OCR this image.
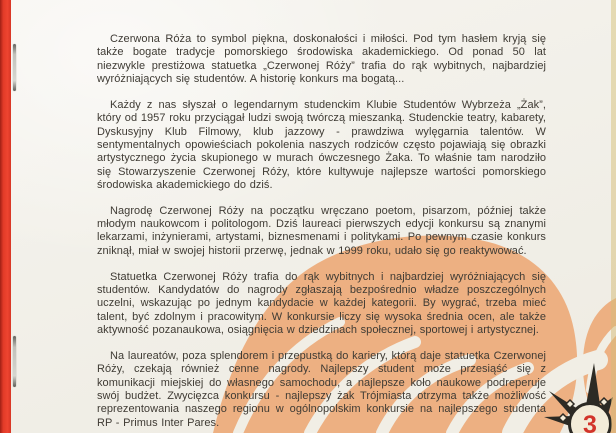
Czerwona Róża to symbol piękna, doskonałości i miłości. Pod tym hasłem kryją się także bogate tradycje pomorskiego środowiska akademickiego. Od ponad 50 lat niezwykle prestiżowa statuetka „Czerwonej Róży” trafia do rąk wybitnych, najbardziej wyróżniających się studentów. A historię konkurs ma bogatą...

Każdy z nas słyszał o legendarnym studenckim Klubie Studentów Wybrzeża „Żak”, który od 1957 roku przyciągał ludzi swoją twórczą mieszanką. Studenckie teatry, kabarety, Dyskusyjny Klub Filmowy, klub jazzowy - prawdziwa wylęgarnia talentów. W sentymentalnych opowieściach pokolenia naszych rodziców często pojawiają się obrazki artystycznego życia skupionego w murach ówczesnego Żaka. To właśnie tam narodziło się Stowarzyszenie Czerwonej Róży, które kultywuje najlepsze wartości pomorskiego środowiska akademickiego do dziś.

Nagrodę Czerwonej Róży na początku wręczano poetom, pisarzom, później także młodym naukowcom i politologom. Dziś laureaci pierwszych edycji konkursu są znanymi lekarzami, inżynierami, artystami, biznesmenami i politykami. Po pewnym czasie konkurs zniknął, miał w swojej historii przerwę, jednak w 1999 roku, udało się go reaktywować.

Statuetka Czerwonej Róży trafia do rąk wybitnych i najbardziej wyróżniających się studentów. Kandydatów do nagrody zgłaszają bezpośrednio władze poszczególnych uczelni, wskazując po jednym kandydacie w każdej kategorii. By wygrać, trzeba mieć talent, być zdolnym i pracowitym. W konkursie liczy się wysoka średnia ocen, ale także aktywność pozanaukowa, osiągnięcia w dziedzinach społecznej, sportowej i artystycznej.

Na laureatów, poza splendorem i przepustką do kariery, którą daje statuetka Czerwonej Róży, czekają również cenne nagrody. Najlepszy student może przesiąść się z komunikacji miejskiej do własnego samochodu, a najlepsze koło naukowe podreperuje swój budżet. Zwycięzca konkursu - najlepszy żak Trójmiasta otrzyma także możliwość reprezentowania naszego regionu w ogólnopolskim konkursie na najlepszego studenta RP - Primus Inter Pares.	3
